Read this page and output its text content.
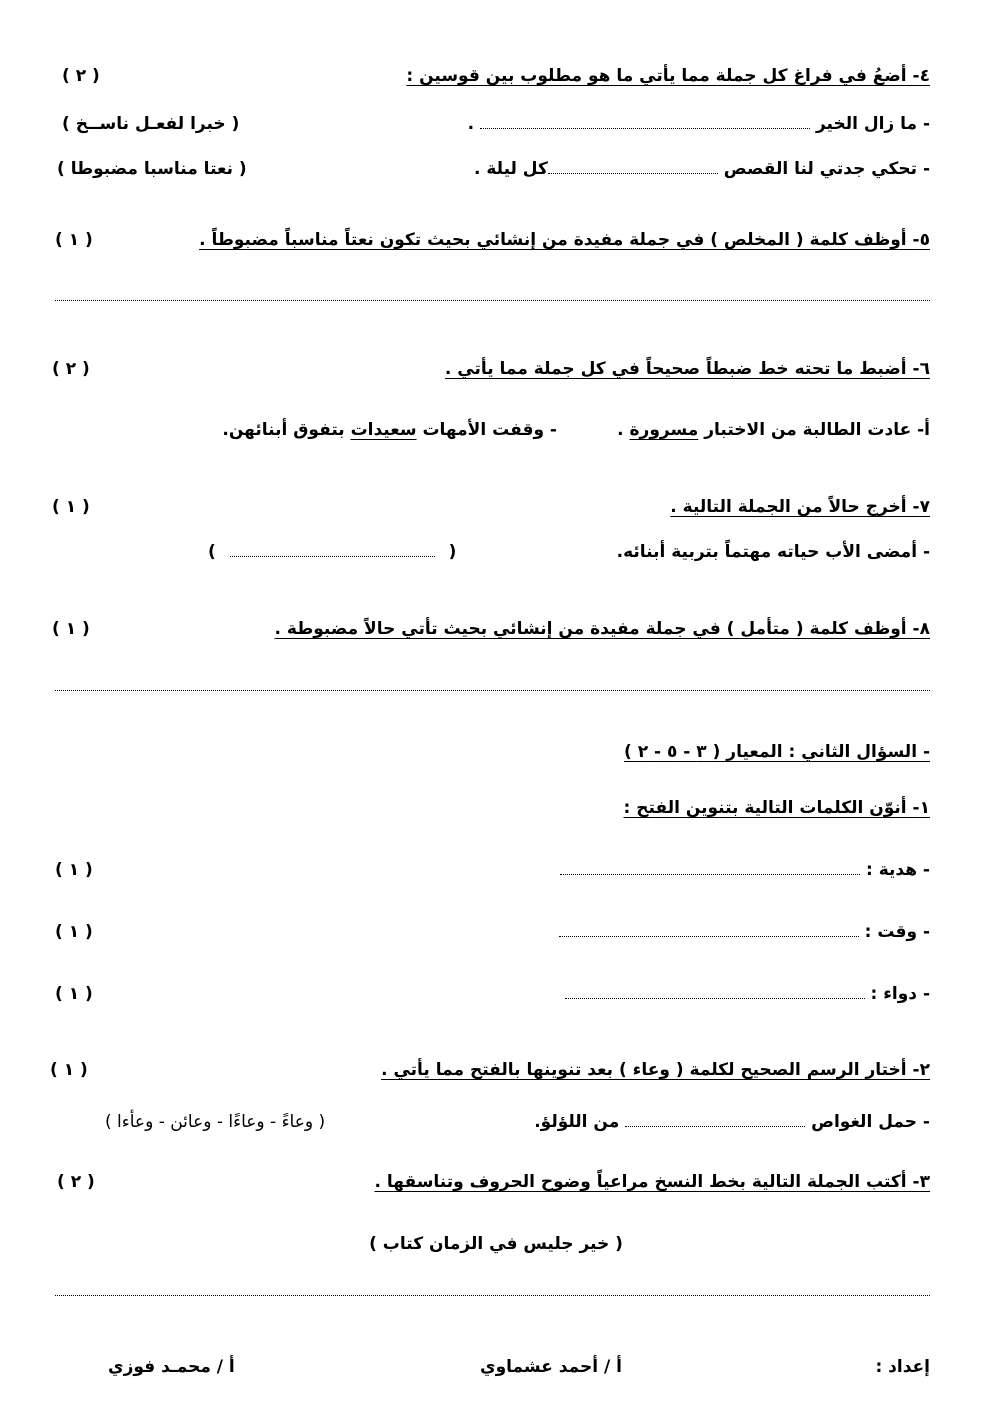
٤- أضعُ في فراغ كل جملة مما يأتي ما هو مطلوب بين قوسين :
( ٢ )
- ما زال الخير  .
( خبرا لفعـل ناســخ )
- تحكي جدتي لنا القصص كل ليلة .
( نعتا مناسبا مضبوطا )
٥- أوظف كلمة ( المخلص ) في جملة مفيدة من إنشائي بحيث تكون نعتاً مناسباً مضبوطاً .
( ١ )
٦- أضبط ما تحته خط ضبطاً صحيحاً في كل جملة مما يأتي .
( ٢ )
أ- عادت الطالبة من الاختبار مسرورة .
- وقفت الأمهات سعيدات بتفوق أبنائهن.
٧- أخرج حالاً من الجملة التالية .
( ١ )
- أمضى الأب حياته مهتماً بتربية أبنائه.
(  )
٨- أوظف كلمة ( متأمل ) في جملة مفيدة من إنشائي بحيث تأتي حالاً مضبوطة .
( ١ )
- السؤال الثاني : المعيار ( ٣ - ٥ - ٢ )
١- أنوّن الكلمات التالية بتنوين الفتح :
- هدية :
( ١ )
- وقت :
( ١ )
- دواء :
( ١ )
٢- أختار الرسم الصحيح لكلمة ( وعاء ) بعد تنوينها بالفتح مما يأتي .
( ١ )
- حمل الغواص  من اللؤلؤ.
( وعاءً - وعاءًا - وعائن - وعأءا )
٣- أكتب الجملة التالية بخط النسخ مراعياً وضوح الحروف وتناسقها .
( ٢ )
( خير جليس في الزمان كتاب )
إعداد :
أ / أحمد عشماوي
أ / محمـد فوزي
